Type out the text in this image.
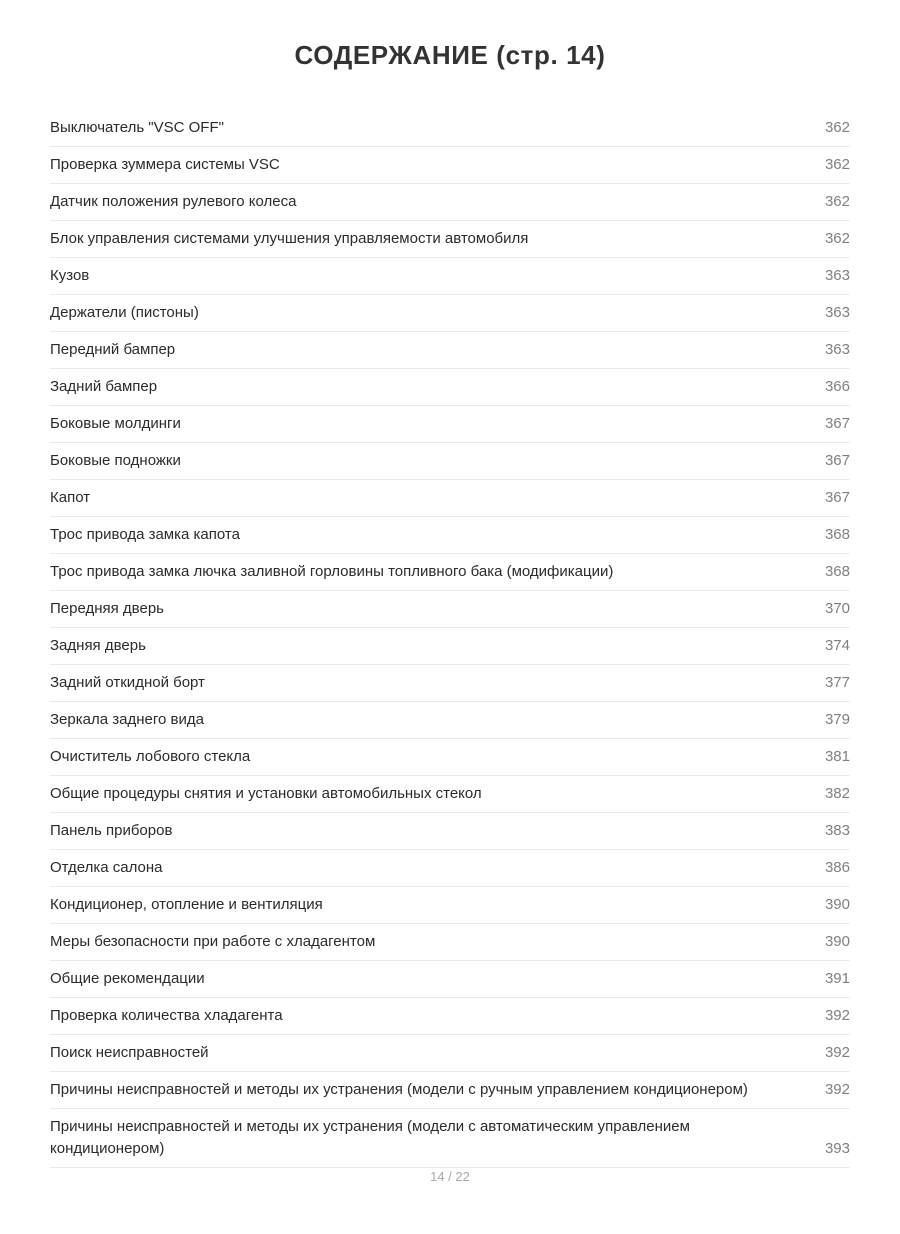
СОДЕРЖАНИЕ (стр. 14)
Выключатель "VSC OFF"	362
Проверка зуммера системы VSC	362
Датчик положения рулевого колеса	362
Блок управления системами улучшения управляемости автомобиля	362
Кузов	363
Держатели (пистоны)	363
Передний бампер	363
Задний бампер	366
Боковые молдинги	367
Боковые подножки	367
Капот	367
Трос привода замка капота	368
Трос привода замка лючка заливной горловины топливного бака (модификации)	368
Передняя дверь	370
Задняя дверь	374
Задний откидной борт	377
Зеркала заднего вида	379
Очиститель лобового стекла	381
Общие процедуры снятия и установки автомобильных стекол	382
Панель приборов	383
Отделка салона	386
Кондиционер, отопление и вентиляция	390
Меры безопасности при работе с хладагентом	390
Общие рекомендации	391
Проверка количества хладагента	392
Поиск неисправностей	392
Причины неисправностей и методы их устранения (модели с ручным управлением кондиционером)	392
Причины неисправностей и методы их устранения (модели с автоматическим управлением кондиционером)	393
14 / 22
